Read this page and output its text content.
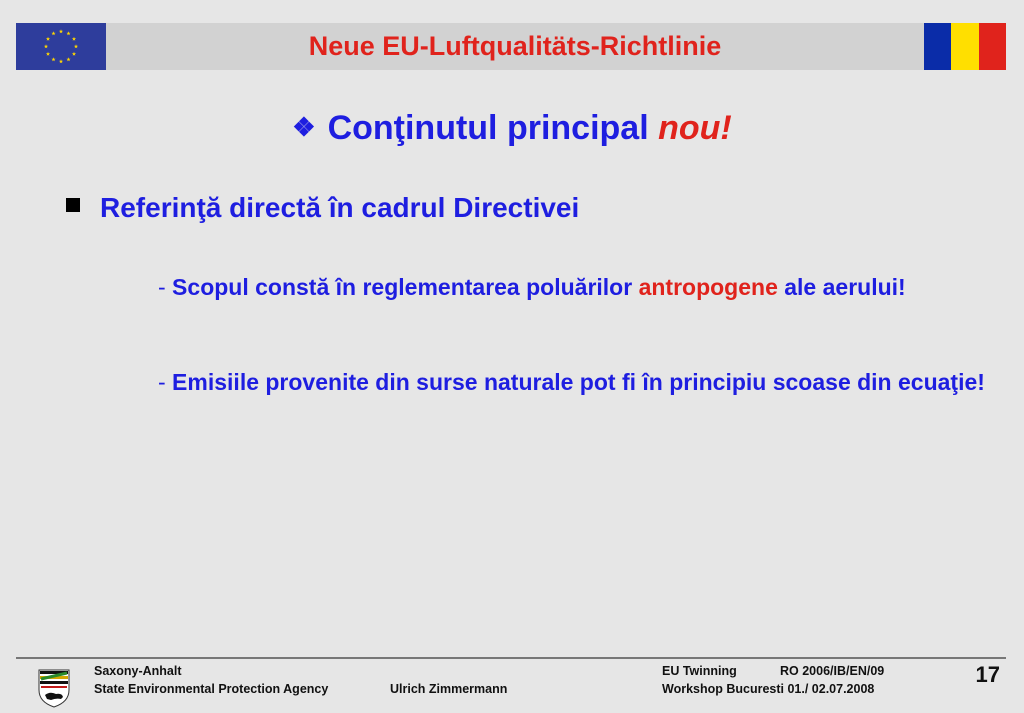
Neue EU-Luftqualitäts-Richtlinie
❖ Conţinutul principal nou!
Referinţă directă în cadrul Directivei
- Scopul constă în reglementarea poluărilor antropogene ale aerului!
- Emisiile provenite din surse naturale pot fi în principiu scoase din ecuaţie!
Saxony-Anhalt
State Environmental Protection Agency	Ulrich Zimmermann
EU Twinning	RO 2006/IB/EN/09
Workshop Bucuresti 01./ 02.07.2008
17
